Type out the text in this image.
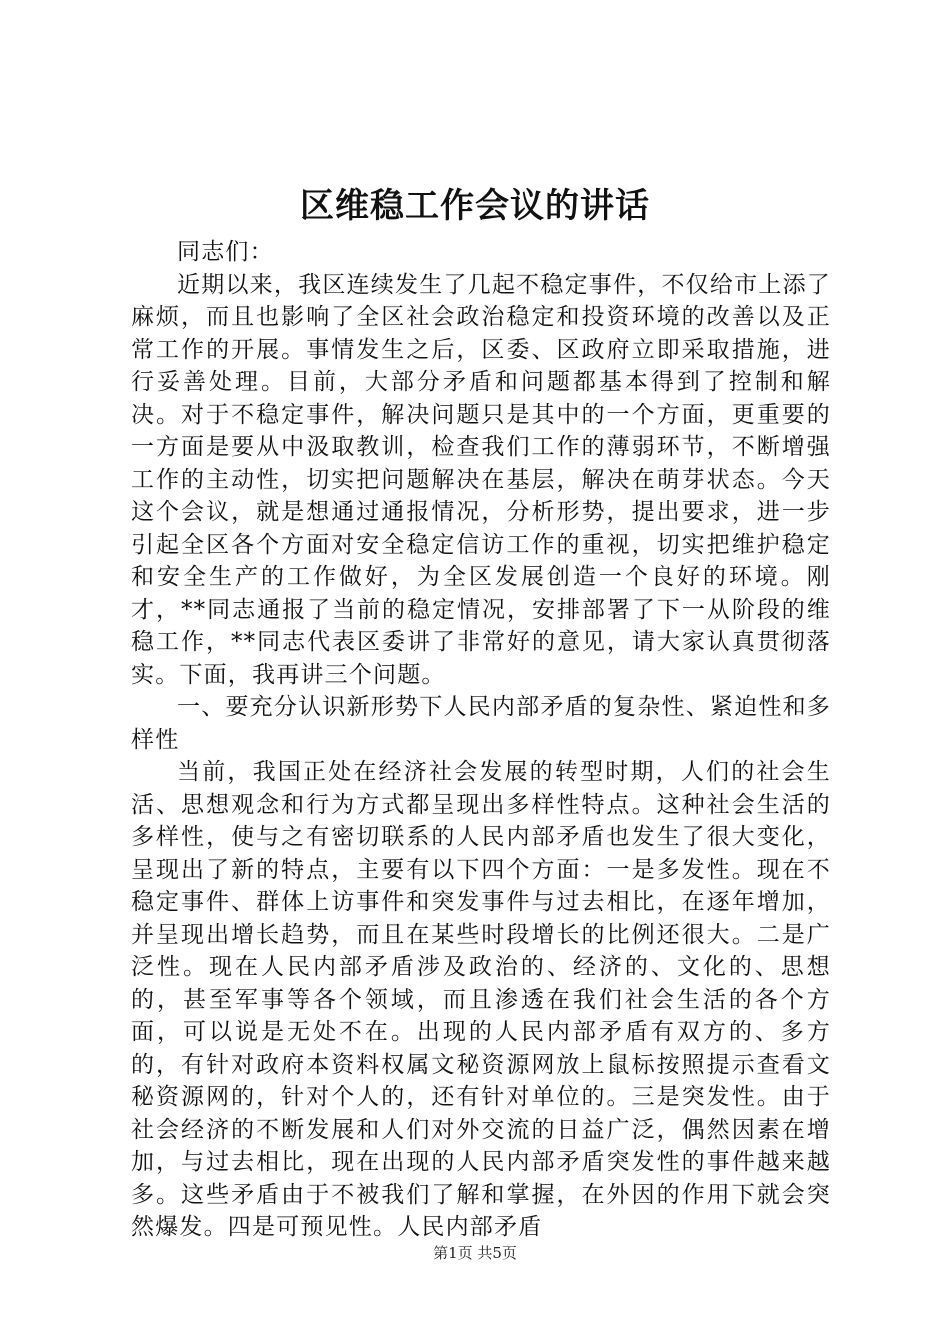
区维稳工作会议的讲话

同志们：

近期以来，我区连续发生了几起不稳定事件，不仅给市上添了麻烦，而且也影响了全区社会政治稳定和投资环境的改善以及正常工作的开展。事情发生之后，区委、区政府立即采取措施，进行妥善处理。目前，大部分矛盾和问题都基本得到了控制和解决。对于不稳定事件，解决问题只是其中的一个方面，更重要的一方面是要从中汲取教训，检查我们工作的薄弱环节，不断增强工作的主动性，切实把问题解决在基层，解决在萌芽状态。今天这个会议，就是想通过通报情况，分析形势，提出要求，进一步引起全区各个方面对安全稳定信访工作的重视，切实把维护稳定和安全生产的工作做好，为全区发展创造一个良好的环境。刚才，**同志通报了当前的稳定情况，安排部署了下一从阶段的维稳工作，**同志代表区委讲了非常好的意见，请大家认真贯彻落实。下面，我再讲三个问题。

一、要充分认识新形势下人民内部矛盾的复杂性、紧迫性和多样性

当前，我国正处在经济社会发展的转型时期，人们的社会生活、思想观念和行为方式都呈现出多样性特点。这种社会生活的多样性，使与之有密切联系的人民内部矛盾也发生了很大变化，呈现出了新的特点，主要有以下四个方面：一是多发性。现在不稳定事件、群体上访事件和突发事件与过去相比，在逐年增加，并呈现出增长趋势，而且在某些时段增长的比例还很大。二是广泛性。现在人民内部矛盾涉及政治的、经济的、文化的、思想的，甚至军事等各个领域，而且渗透在我们社会生活的各个方面，可以说是无处不在。出现的人民内部矛盾有双方的、多方的，有针对政府本资料权属文秘资源网放上鼠标按照提示查看文秘资源网的，针对个人的，还有针对单位的。三是突发性。由于社会经济的不断发展和人们对外交流的日益广泛，偶然因素在增加，与过去相比，现在出现的人民内部矛盾突发性的事件越来越多。这些矛盾由于不被我们了解和掌握，在外因的作用下就会突然爆发。四是可预见性。人民内部矛盾

第1页 共5页
